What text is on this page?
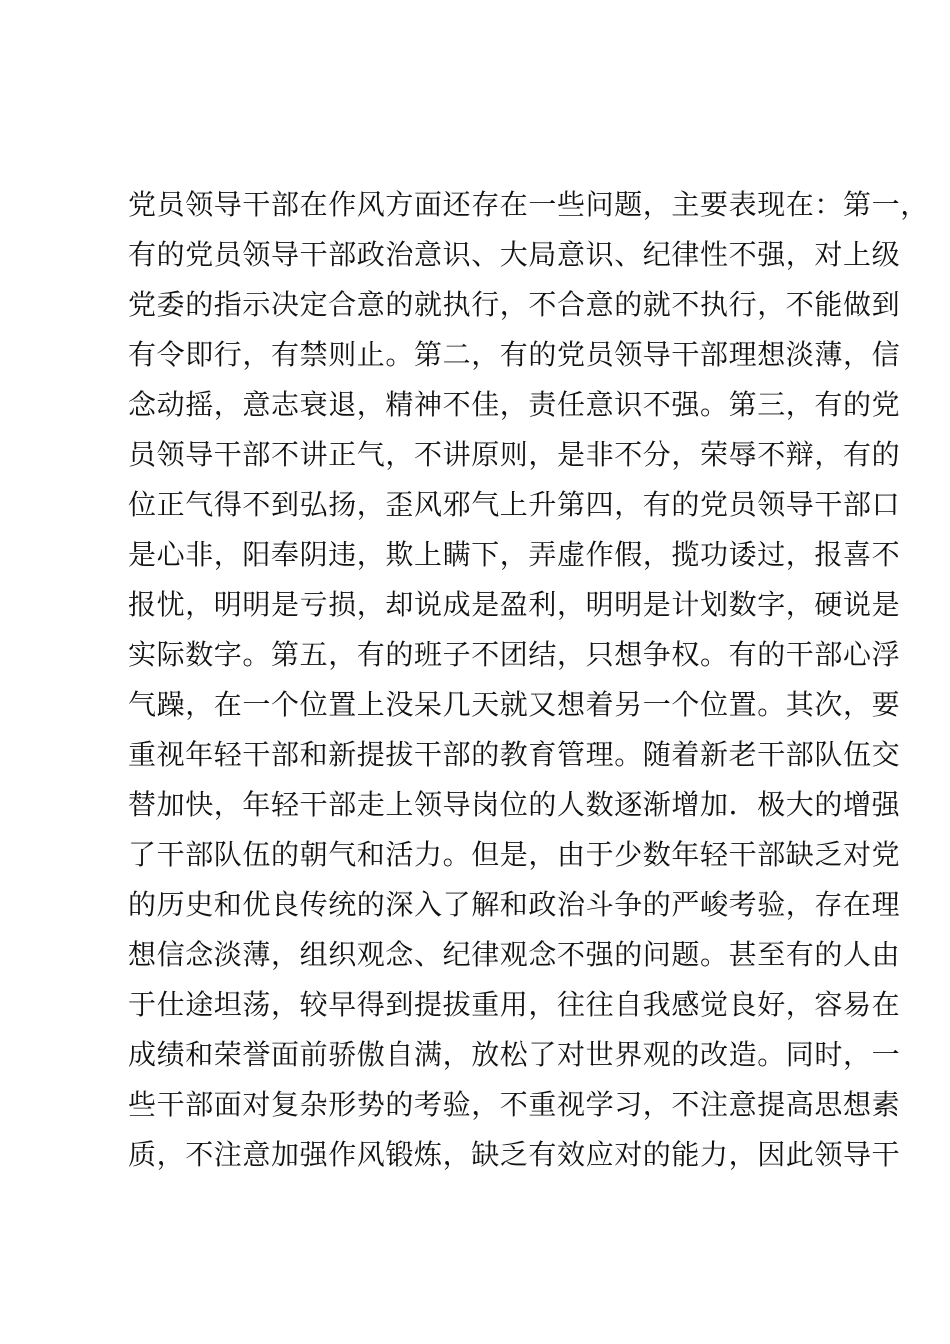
党员领导干部在作风方面还存在一些问题，主要表现在：第一，
有的党员领导干部政治意识、大局意识、纪律性不强，对上级
党委的指示决定合意的就执行，不合意的就不执行，不能做到
有令即行，有禁则止。第二，有的党员领导干部理想淡薄，信
念动摇，意志衰退，精神不佳，责任意识不强。第三，有的党
员领导干部不讲正气，不讲原则，是非不分，荣辱不辩，有的
位正气得不到弘扬，歪风邪气上升第四，有的党员领导干部口
是心非，阳奉阴违，欺上瞒下，弄虚作假，揽功诿过，报喜不
报忧，明明是亏损，却说成是盈利，明明是计划数字，硬说是
实际数字。第五，有的班子不团结，只想争权。有的干部心浮
气躁，在一个位置上没呆几天就又想着另一个位置。其次，要
重视年轻干部和新提拔干部的教育管理。随着新老干部队伍交
替加快，年轻干部走上领导岗位的人数逐渐增加．极大的增强
了干部队伍的朝气和活力。但是，由于少数年轻干部缺乏对党
的历史和优良传统的深入了解和政治斗争的严峻考验，存在理
想信念淡薄，组织观念、纪律观念不强的问题。甚至有的人由
于仕途坦荡，较早得到提拔重用，往往自我感觉良好，容易在
成绩和荣誉面前骄傲自满，放松了对世界观的改造。同时，一
些干部面对复杂形势的考验，不重视学习，不注意提高思想素
质，不注意加强作风锻炼，缺乏有效应对的能力，因此领导干
